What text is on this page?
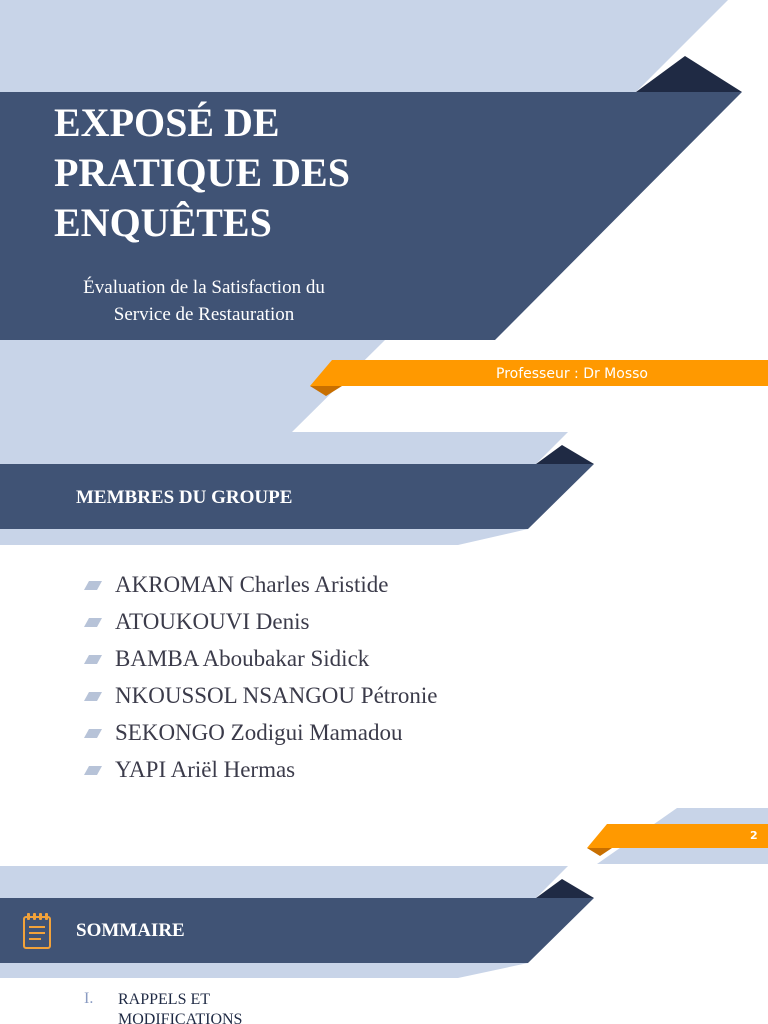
EXPOSÉ DE
PRATIQUE DES
ENQUÊTES
Évaluation de la Satisfaction du
Service de Restauration
Professeur : Dr Mosso
MEMBRES DU GROUPE
AKROMAN Charles Aristide
ATOUKOUVI Denis
BAMBA Aboubakar Sidick
NKOUSSOL NSANGOU Pétronie
SEKONGO Zodigui Mamadou
YAPI Ariël Hermas
2
SOMMAIRE
I. RAPPELS ET MODIFICATIONS
